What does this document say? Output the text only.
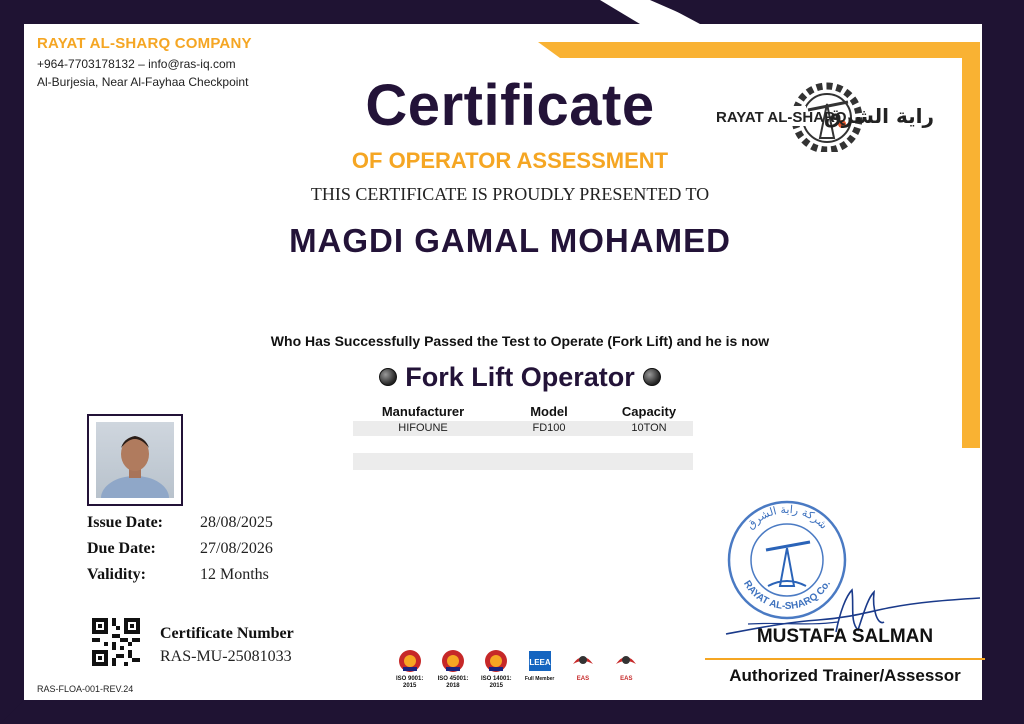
RAYAT AL-SHARQ COMPANY
+964-7703178132 – info@ras-iq.com
Al-Burjesia, Near Al-Fayhaa Checkpoint
RAYAT AL-SHARQ
راية الشرق
Certificate
OF OPERATOR ASSESSMENT
THIS CERTIFICATE IS PROUDLY PRESENTED TO
MAGDI GAMAL MOHAMED
Who Has Successfully Passed the Test to Operate (Fork Lift) and he is now
Fork Lift Operator
Manufacturer	Model	Capacity
HIFOUNE	FD100	10TON
Issue Date: 28/08/2025
Due Date:	27/08/2026
Validity:	12 Months
Certificate Number
RAS-MU-25081033
RAS-FLOA-001-REV.24
ISO 9001:
2015
ISO 45001:
2018
ISO 14001:
2015
LEEA
Full Member	EAS	EAS
شركة راية الشرق
RAYAT AL-SHARQ Co.
MUSTAFA SALMAN
Authorized Trainer/Assessor
